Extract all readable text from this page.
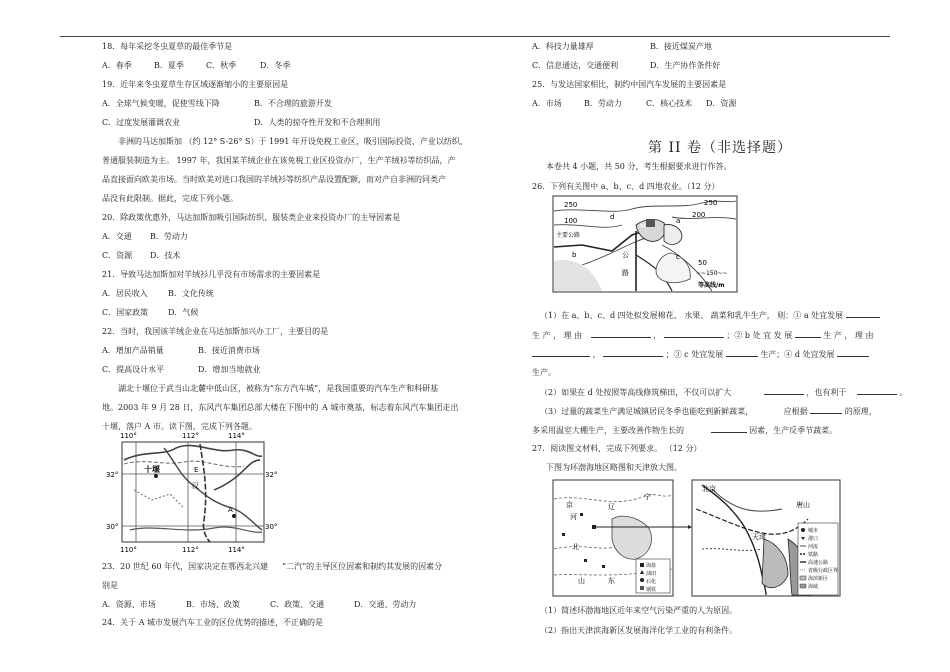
18．每年采挖冬虫夏草的最佳季节是
A．春季	B．夏季	C．秋季	D．冬季
19．近年来冬虫夏草生存区域逐渐缩小的主要原因是
A．全球气候变暖，促使雪线下降	B．不合理的旅游开发
C．过度发展灌溉农业	D．人类的掠夺性开发和不合理利用
非洲的马达加斯加 （约 12° S-26° S）于 1991 年开设免税工业区，吸引国际投资，产业以纺织、
普通服装制造为主。 1997 年，我国某羊绒企业在该免税工业区投资办厂，生产羊绒衫等纺织品，产
品直接面向欧美市场。当时欧美对进口我国的羊绒衫等纺织产品设置配额，而对产自非洲的同类产
品没有此限制。据此，完成下列小题。
20．除政策优惠外，马达加斯加吸引国际纺织、服装类企业来投资办厂的主导因素是
A．交通 B．劳动力
C．资源 D．技术
21．导致马达加斯加对羊绒衫几乎没有市场需求的主要因素是
A．居民收入	B．文化传统
C．国家政策 D．气候
22．当时，我国该羊绒企业在马达加斯加兴办工厂，主要目的是
A．增加产品销量	B．接近消费市场
C．提高设计水平	D．增加当地就业
湖北十堰位于武当山北麓中低山区，被称为“东方汽车城”，是我国重要的汽车生产和科研基
地。2003 年 9 月 28 日，东风汽车集团总部大楼在下图中的 A 城市奠基，标志着东风汽车集团走出
十堰，落户 A 市。读下图，完成下列各题。
110°	112°	114°
十堰	E
汉
A
32°
30°
32°
30°
110°	112°	114°
23．20 世纪 60 年代，国家决定在鄂西北兴建 “二汽”的主导区位因素和制约其发展的因素分
别是
A．资源、市场	B．市场、政策	C．政策、交通	D．交通、劳动力
24．关于 A 城市发展汽车工业的区位优势的描述，不正确的是
A．科技力量雄厚	B．接近煤炭产地
C．信息通达，交通便利	D．生产协作条件好
25．与发达国家相比，制约中国汽车发展的主要因素是
A．市场	B．劳动力	C．核心技术 D．资源
第 II 卷（非选择题）
本卷共 4 小题，共 50 分，考生根据要求进行作答。
26．下列有关图中 a、b、c、d 四地农业。（12 分）
250	250
200
100
50
d
b
a
c
M
主要公路
公
路	~~150~~
等高线/m
（1）在 a、b、c、d 四处拟发展棉花、 水果、 蔬菜和乳牛生产， 则：① a 处宜发展
生 产 ， 理 由	，	；② b 处 宜 发 展	生 产 ， 理 由
，	；③ c 处宜发展	生产；④ d 处宜发展
生产。
（2）如果在 d 处按照等高线修筑梯田，不仅可以扩大	，也有利于	。
（3）过量的蔬菜生产满足城镇居民冬季也能吃到新鲜蔬菜，	应根据	的原理，
多采用温室大棚生产，主要改善作物生长的	因素，生产反季节蔬菜。
27．阅读图文材料，完成下列要求。 （12 分）
下图为环渤海地区略图和天津放大图。
京
河
北
山	东
辽
宁
海盐
油田
石化
钢铁
北京
唐山
天津
城市
港口
河流
铁路
高速公路
省级行政区界
海滨新区
海域
（1）简述环渤海地区近年来空气污染严重的人为原因。
（2）指出天津滨海新区发展海洋化学工业的有利条件。
